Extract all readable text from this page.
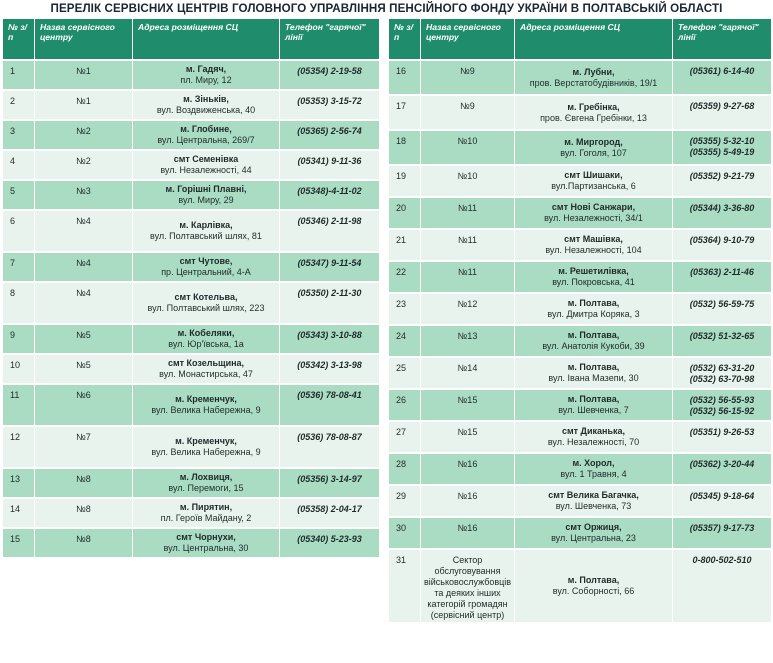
ПЕРЕЛІК СЕРВІСНИХ ЦЕНТРІВ ГОЛОВНОГО УПРАВЛІННЯ ПЕНСІЙНОГО ФОНДУ УКРАЇНИ В ПОЛТАВСЬКІЙ ОБЛАСТІ
№ з/п	Назва сервісного центру	Адреса розміщення СЦ	Телефон "гарячої" лінії
1	№1	м. Гадяч,
пл. Миру, 12	(05354) 2-19-58

2	№1	м. Зіньків,
вул. Воздвиженська, 40	(05353) 3-15-72

3	№2	м. Глобине,
вул. Центральна, 269/7	(05365) 2-56-74

4	№2	смт Семенівка
вул. Незалежності, 44	(05341) 9-11-36

5	№3	м. Горішні Плавні,
вул. Миру, 29	(05348)-4-11-02

6	№4	м. Карлівка,
вул. Полтавський шлях, 81	(05346) 2-11-98

7	№4	смт Чутове,
пр. Центральний, 4-А	(05347) 9-11-54

8	№4	смт Котельва,
вул. Полтавський шлях, 223	(05350) 2-11-30

9	№5	м. Кобеляки,
вул. Юр'ївська, 1а	(05343) 3-10-88

10	№5	смт Козельщина,
вул. Монастирська, 47	(05342) 3-13-98

11	№6	м. Кременчук,
вул. Велика Набережна, 9	(0536) 78-08-41

12	№7	м. Кременчук,
вул. Велика Набережна, 9	(0536) 78-08-87

13	№8	м. Лохвиця,
вул. Перемоги, 15	(05356) 3-14-97

14	№8	м. Пирятин,
пл. Героїв Майдану, 2	(05358) 2-04-17

15	№8	смт Чорнухи,
вул. Центральна, 30	(05340) 5-23-93
№ з/п	Назва сервісного центру	Адреса розміщення СЦ	Телефон "гарячої" лінії
16	№9	м. Лубни,
пров. Верстатобудівників, 19/1	(05361) 6-14-40

17	№9	м. Гребінка,
пров. Євгена Гребінки, 13	(05359) 9-27-68

18	№10	м. Миргород,
вул. Гоголя, 107	(05355) 5-32-10
(05355) 5-49-19

19	№10	смт Шишаки,
вул.Партизанська, 6	(05352) 9-21-79

20	№11	смт Нові Санжари,
вул. Незалежності, 34/1	(05344) 3-36-80

21	№11	смт Машівка,
вул. Незалежності, 104	(05364) 9-10-79

22	№11	м. Решетилівка,
вул. Покровська, 41	(05363) 2-11-46

23	№12	м. Полтава,
вул. Дмитра Коряка, 3	(0532) 56-59-75

24	№13	м. Полтава,
вул. Анатолія Кукоби, 39	(0532) 51-32-65

25	№14	м. Полтава,
вул. Івана Мазепи, 30	(0532) 63-31-20
(0532) 63-70-98

26	№15	м. Полтава,
вул. Шевченка, 7	(0532) 56-55-93
(0532) 56-15-92

27	№15	смт Диканька,
вул. Незалежності, 70	(05351) 9-26-53

28	№16	м. Хорол,
вул. 1 Травня, 4	(05362) 3-20-44

29	№16	смт Велика Багачка,
вул. Шевченка, 73	(05345) 9-18-64

30	№16	смт Оржиця,
вул. Центральна, 23	(05357) 9-17-73

31	Сектор обслуговування військовослужбовців та деяких інших категорій громадян (сервісний центр)	м. Полтава,
вул. Соборності, 66	0-800-502-510
